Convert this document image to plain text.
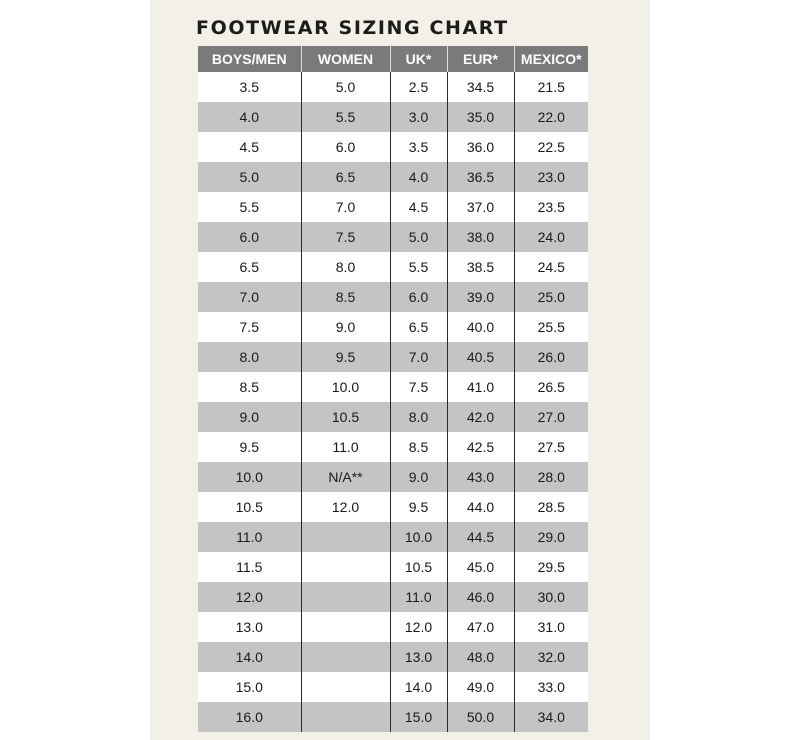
FOOTWEAR SIZING CHART
BOYS/MEN	WOMEN	UK*	EUR*	MEXICO*
3.5	5.0	2.5	34.5	21.5
4.0	5.5	3.0	35.0	22.0
4.5	6.0	3.5	36.0	22.5
5.0	6.5	4.0	36.5	23.0
5.5	7.0	4.5	37.0	23.5
6.0	7.5	5.0	38.0	24.0
6.5	8.0	5.5	38.5	24.5
7.0	8.5	6.0	39.0	25.0
7.5	9.0	6.5	40.0	25.5
8.0	9.5	7.0	40.5	26.0
8.5	10.0	7.5	41.0	26.5
9.0	10.5	8.0	42.0	27.0
9.5	11.0	8.5	42.5	27.5
10.0	N/A**	9.0	43.0	28.0
10.5	12.0	9.5	44.0	28.5
11.0		10.0	44.5	29.0
11.5		10.5	45.0	29.5
12.0		11.0	46.0	30.0
13.0		12.0	47.0	31.0
14.0		13.0	48.0	32.0
15.0		14.0	49.0	33.0
16.0		15.0	50.0	34.0
